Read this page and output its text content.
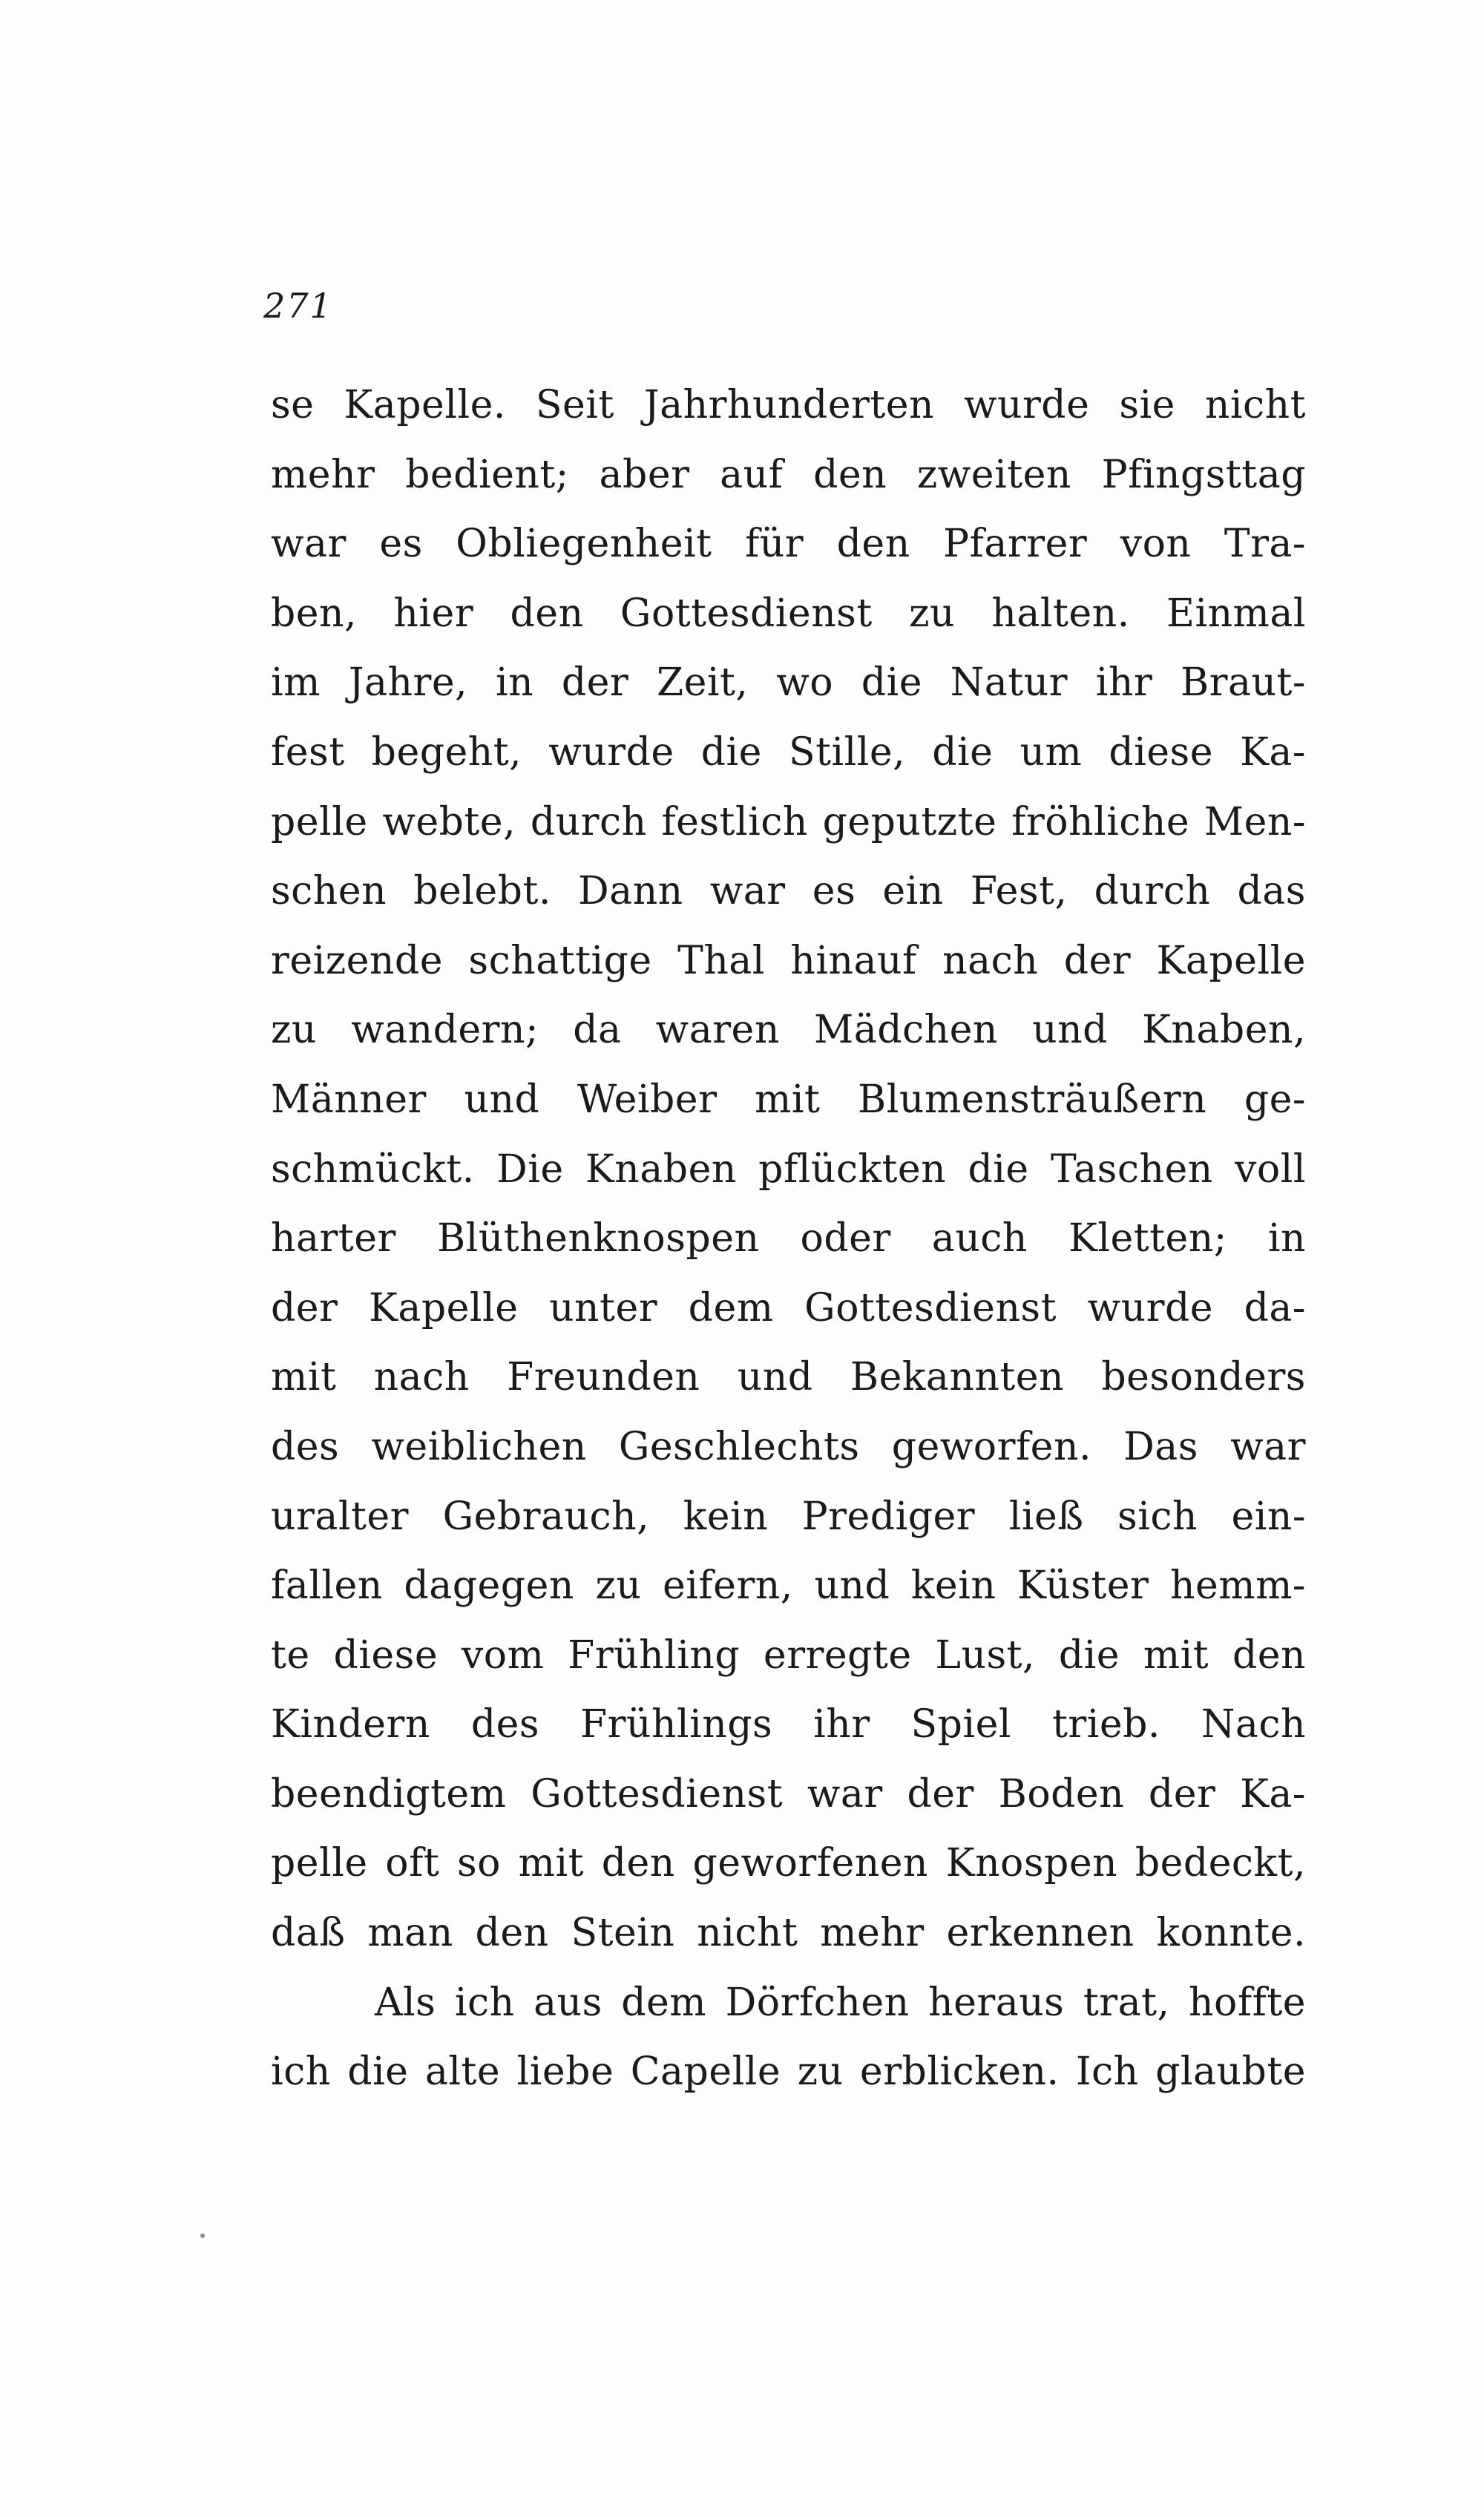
271
se Kapelle. Seit Jahrhunderten wurde sie nicht
mehr bedient; aber auf den zweiten Pfingsttag
war es Obliegenheit für den Pfarrer von Tra-
ben, hier den Gottesdienst zu halten. Einmal
im Jahre, in der Zeit, wo die Natur ihr Braut-
fest begeht, wurde die Stille, die um diese Ka-
pelle webte, durch festlich geputzte fröhliche Men-
schen belebt. Dann war es ein Fest, durch das
reizende schattige Thal hinauf nach der Kapelle
zu wandern; da waren Mädchen und Knaben,
Männer und Weiber mit Blumensträußern ge-
schmückt. Die Knaben pflückten die Taschen voll
harter Blüthenknospen oder auch Kletten; in
der Kapelle unter dem Gottesdienst wurde da-
mit nach Freunden und Bekannten besonders
des weiblichen Geschlechts geworfen. Das war
uralter Gebrauch, kein Prediger ließ sich ein-
fallen dagegen zu eifern, und kein Küster hemm-
te diese vom Frühling erregte Lust, die mit den
Kindern des Frühlings ihr Spiel trieb. Nach
beendigtem Gottesdienst war der Boden der Ka-
pelle oft so mit den geworfenen Knospen bedeckt,
daß man den Stein nicht mehr erkennen konnte.
Als ich aus dem Dörfchen heraus trat, hoffte
ich die alte liebe Capelle zu erblicken. Ich glaubte
